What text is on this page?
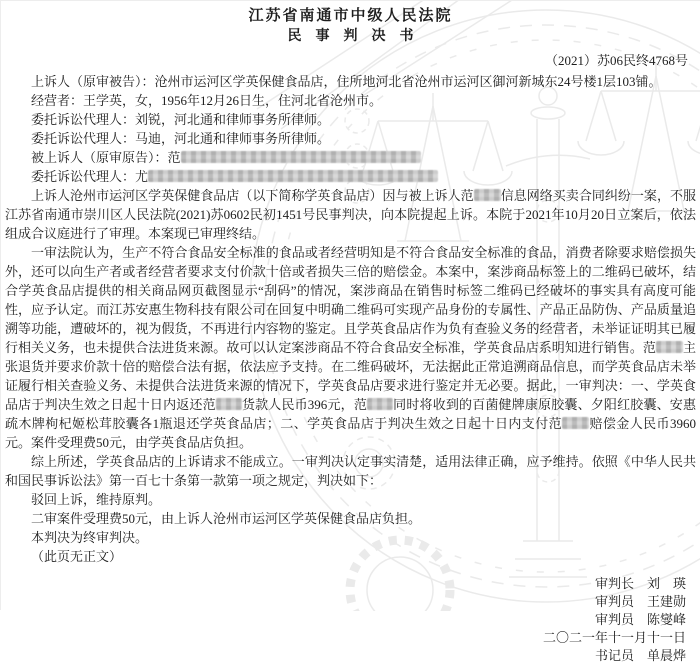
江苏省南通市中级人民法院
民　事　判　决　书
（2021）苏06民终4768号

上诉人（原审被告）：沧州市运河区学英保健食品店，住所地河北省沧州市运河区御河新城东24号楼1层103铺。

经营者：王学英，女，1956年12月26日生，住河北省沧州市。

委托诉讼代理人：刘锐，河北通和律师事务所律师。

委托诉讼代理人：马迪，河北通和律师事务所律师。

被上诉人（原审原告）：范

委托诉讼代理人：尤

上诉人沧州市运河区学英保健食品店（以下简称学英食品店）因与被上诉人范 信息网络买卖合同纠纷一案，不服江苏省南通市崇川区人民法院(2021)苏0602民初1451号民事判决，向本院提起上诉。本院于2021年10月20日立案后，依法组成合议庭进行了审理。本案现已审理终结。

一审法院认为，生产不符合食品安全标准的食品或者经营明知是不符合食品安全标准的食品，消费者除要求赔偿损失外，还可以向生产者或者经营者要求支付价款十倍或者损失三倍的赔偿金。本案中，案涉商品标签上的二维码已破坏，结合学英食品店提供的相关商品网页截图显示“刮码”的情况，案涉商品在销售时标签二维码已经破坏的事实具有高度可能性，应予认定。而江苏安惠生物科技有限公司在回复中明确二维码可实现产品身份的专属性、产品正品防伪、产品质量追溯等功能，遭破坏的，视为假货，不再进行内容物的鉴定。且学英食品店作为负有查验义务的经营者，未举证证明其已履行相关义务，也未提供合法进货来源。故可以认定案涉商品不符合食品安全标准，学英食品店系明知进行销售。范 主张退货并要求价款十倍的赔偿合法有据，依法应予支持。在二维码破坏，无法据此正常追溯商品信息，而学英食品店未举证履行相关查验义务、未提供合法进货来源的情况下，学英食品店要求进行鉴定并无必要。据此，一审判决：一、学英食品店于判决生效之日起十日内返还范 货款人民币396元，范 同时将收到的百菌健牌康原胶囊、夕阳红胶囊、安惠疏木牌枸杞姬松茸胶囊各1瓶退还学英食品店；二、学英食品店于判决生效之日起十日内支付范 赔偿金人民币3960元。案件受理费50元，由学英食品店负担。

综上所述，学英食品店的上诉请求不能成立。一审判决认定事实清楚，适用法律正确，应予维持。依照《中华人民共和国民事诉讼法》第一百七十条第一款第一项之规定，判决如下：

驳回上诉，维持原判。

二审案件受理费50元，由上诉人沧州市运河区学英保健食品店负担。

本判决为终审判决。

（此页无正文）

审判长　刘　瑛
审判员　王建勋
审判员　陈燮峰
二〇二一年十一月十一日
书记员　单晨烨
